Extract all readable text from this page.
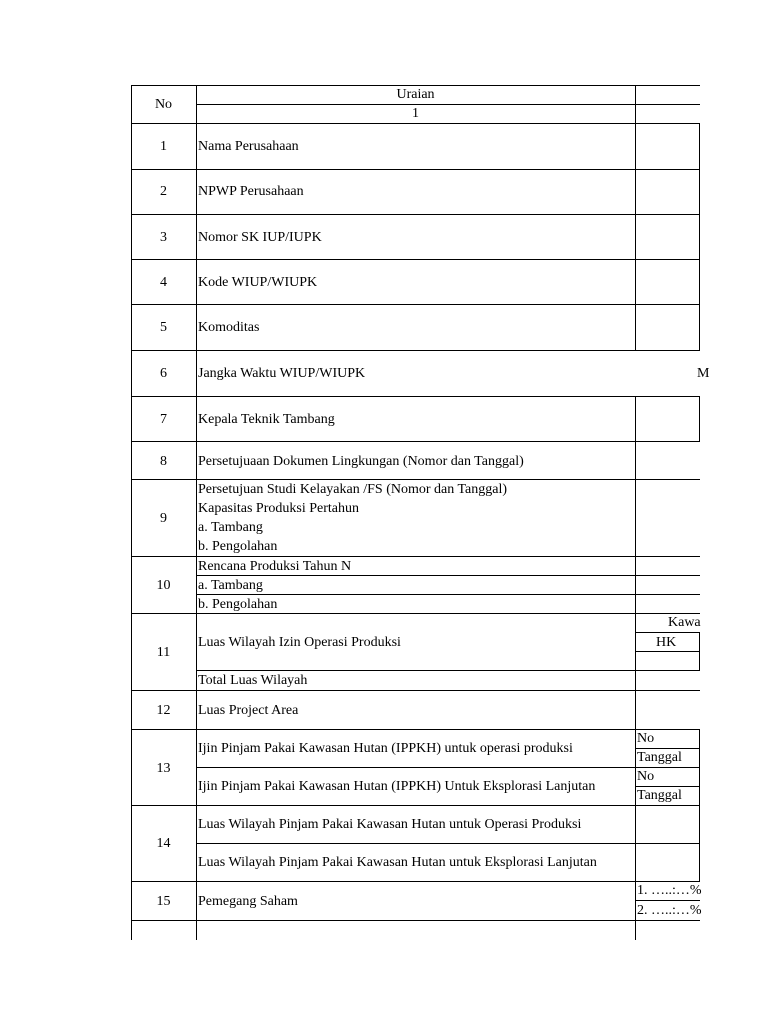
No
Uraian
1
1
2
3
4
5
6
7
8
9
10
11
12
13
14
15
Nama Perusahaan
NPWP Perusahaan
Nomor SK IUP/IUPK
Kode WIUP/WIUPK
Komoditas
Jangka Waktu WIUP/WIUPK	M
Kepala Teknik Tambang
Persetujuaan Dokumen Lingkungan (Nomor dan Tanggal)
Persetujuan Studi Kelayakan /FS (Nomor dan Tanggal)
Kapasitas Produksi Pertahun
a. Tambang
b. Pengolahan
Rencana Produksi Tahun N
a. Tambang
b. Pengolahan
Luas Wilayah Izin Operasi Produksi
Kawa
HK
Total Luas Wilayah
Luas Project Area
Ijin Pinjam Pakai Kawasan Hutan (IPPKH) untuk operasi produksi
Ijin Pinjam Pakai Kawasan Hutan (IPPKH) Untuk Eksplorasi Lanjutan
No
Tanggal
No
Tanggal
Luas Wilayah Pinjam Pakai Kawasan Hutan untuk Operasi Produksi
Luas Wilayah Pinjam Pakai Kawasan Hutan untuk Eksplorasi Lanjutan
Pemegang Saham
1. …..:…%
2. …..:…%
